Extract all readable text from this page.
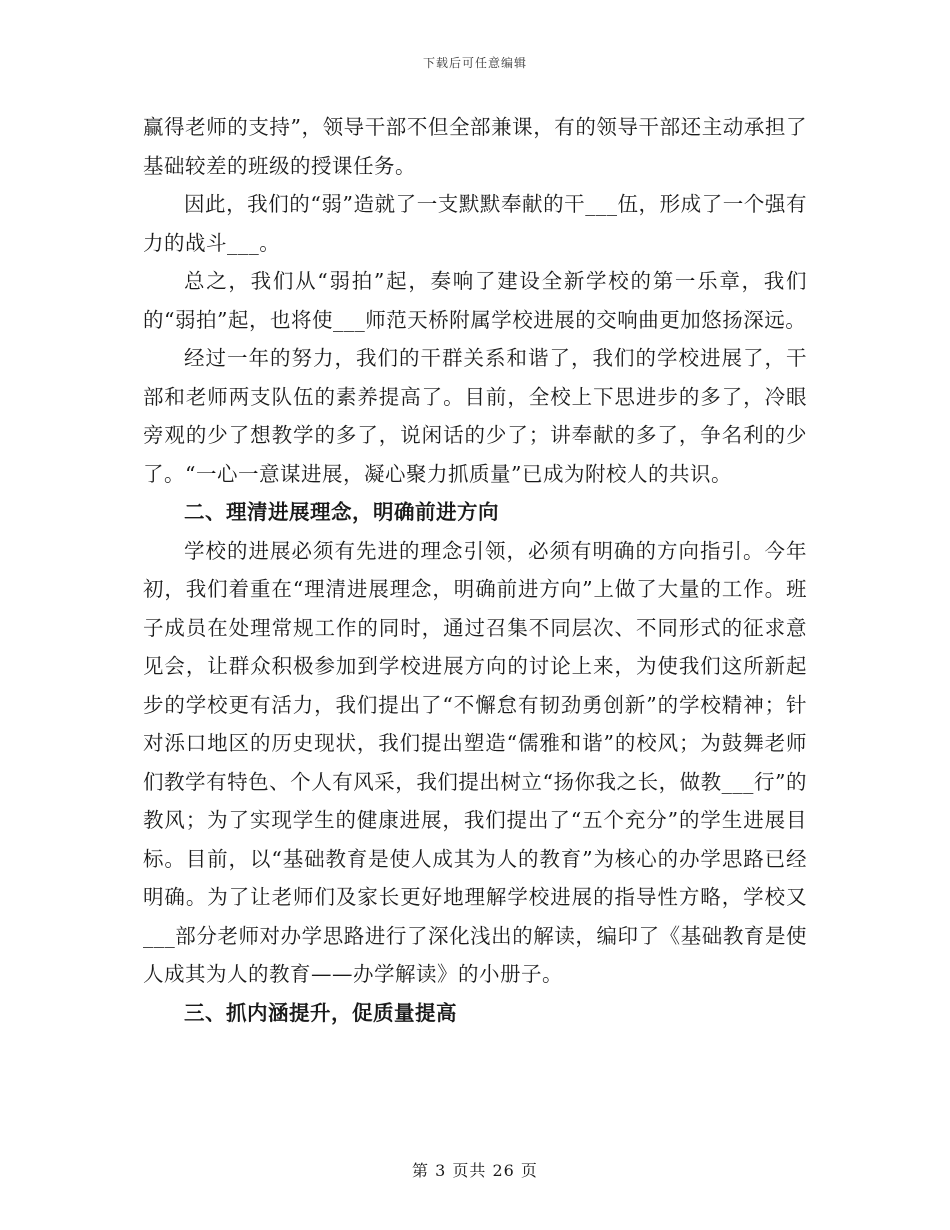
下载后可任意编辑

赢得老师的支持”，领导干部不但全部兼课，有的领导干部还主动承担了基础较差的班级的授课任务。

因此，我们的“弱”造就了一支默默奉献的干___伍，形成了一个强有力的战斗___。

总之，我们从“弱拍”起，奏响了建设全新学校的第一乐章，我们的“弱拍”起，也将使___师范天桥附属学校进展的交响曲更加悠扬深远。

经过一年的努力，我们的干群关系和谐了，我们的学校进展了，干部和老师两支队伍的素养提高了。目前，全校上下思进步的多了，冷眼旁观的少了想教学的多了，说闲话的少了；讲奉献的多了，争名利的少了。“一心一意谋进展，凝心聚力抓质量”已成为附校人的共识。

二、理清进展理念，明确前进方向

学校的进展必须有先进的理念引领，必须有明确的方向指引。今年初，我们着重在“理清进展理念，明确前进方向”上做了大量的工作。班子成员在处理常规工作的同时，通过召集不同层次、不同形式的征求意见会，让群众积极参加到学校进展方向的讨论上来，为使我们这所新起步的学校更有活力，我们提出了“不懈怠有韧劲勇创新”的学校精神；针对泺口地区的历史现状，我们提出塑造“儒雅和谐”的校风；为鼓舞老师们教学有特色、个人有风采，我们提出树立“扬你我之长，做教___行”的教风；为了实现学生的健康进展，我们提出了“五个充分”的学生进展目标。目前，以“基础教育是使人成其为人的教育”为核心的办学思路已经明确。为了让老师们及家长更好地理解学校进展的指导性方略，学校又___部分老师对办学思路进行了深化浅出的解读，编印了《基础教育是使人成其为人的教育——办学解读》的小册子。

三、抓内涵提升，促质量提高

第 3 页共 26 页
